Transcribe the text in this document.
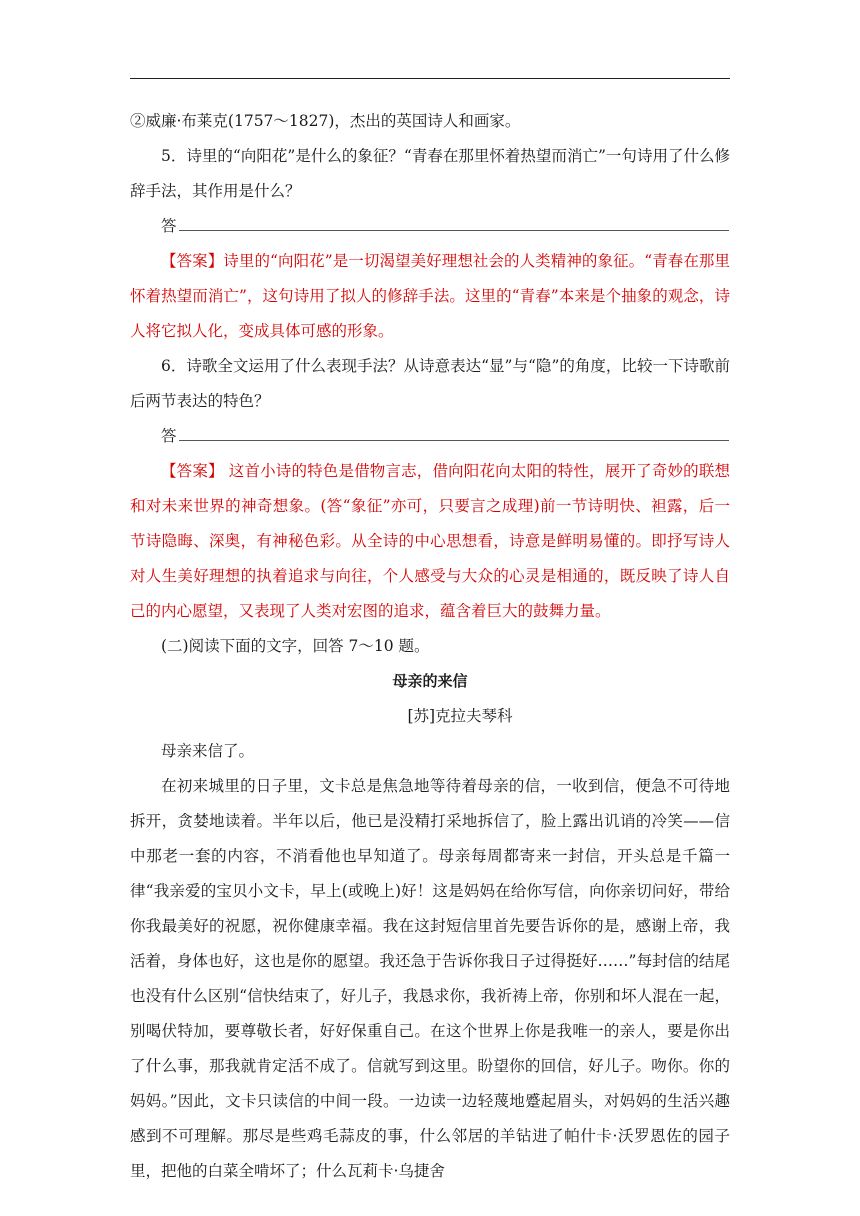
②威廉·布莱克(1757～1827)，杰出的英国诗人和画家。

5．诗里的“向阳花”是什么的象征？“青春在那里怀着热望而消亡”一句诗用了什么修辞手法，其作用是什么？

答

【答案】诗里的“向阳花”是一切渴望美好理想社会的人类精神的象征。“青春在那里怀着热望而消亡”，这句诗用了拟人的修辞手法。这里的“青春”本来是个抽象的观念，诗人将它拟人化，变成具体可感的形象。

6．诗歌全文运用了什么表现手法？从诗意表达“显”与“隐”的角度，比较一下诗歌前后两节表达的特色？

答

【答案】 这首小诗的特色是借物言志，借向阳花向太阳的特性，展开了奇妙的联想和对未来世界的神奇想象。(答“象征”亦可，只要言之成理)前一节诗明快、袒露，后一节诗隐晦、深奥，有神秘色彩。从全诗的中心思想看，诗意是鲜明易懂的。即抒写诗人对人生美好理想的执着追求与向往，个人感受与大众的心灵是相通的，既反映了诗人自己的内心愿望，又表现了人类对宏图的追求，蕴含着巨大的鼓舞力量。

(二)阅读下面的文字，回答 7～10 题。

母亲的来信

[苏]克拉夫琴科

母亲来信了。

在初来城里的日子里，文卡总是焦急地等待着母亲的信，一收到信，便急不可待地拆开，贪婪地读着。半年以后，他已是没精打采地拆信了，脸上露出讥诮的冷笑——信中那老一套的内容，不消看他也早知道了。母亲每周都寄来一封信，开头总是千篇一律“我亲爱的宝贝小文卡，早上(或晚上)好！这是妈妈在给你写信，向你亲切问好，带给你我最美好的祝愿，祝你健康幸福。我在这封短信里首先要告诉你的是，感谢上帝，我活着，身体也好，这也是你的愿望。我还急于告诉你我日子过得挺好……”每封信的结尾也没有什么区别“信快结束了，好儿子，我恳求你，我祈祷上帝，你别和坏人混在一起，别喝伏特加，要尊敬长者，好好保重自己。在这个世界上你是我唯一的亲人，要是你出了什么事，那我就肯定活不成了。信就写到这里。盼望你的回信，好儿子。吻你。你的妈妈。”因此，文卡只读信的中间一段。一边读一边轻蔑地蹙起眉头，对妈妈的生活兴趣感到不可理解。那尽是些鸡毛蒜皮的事，什么邻居的羊钻进了帕什卡·沃罗恩佐的园子里，把他的白菜全啃坏了；什么瓦莉卡·乌捷舍
